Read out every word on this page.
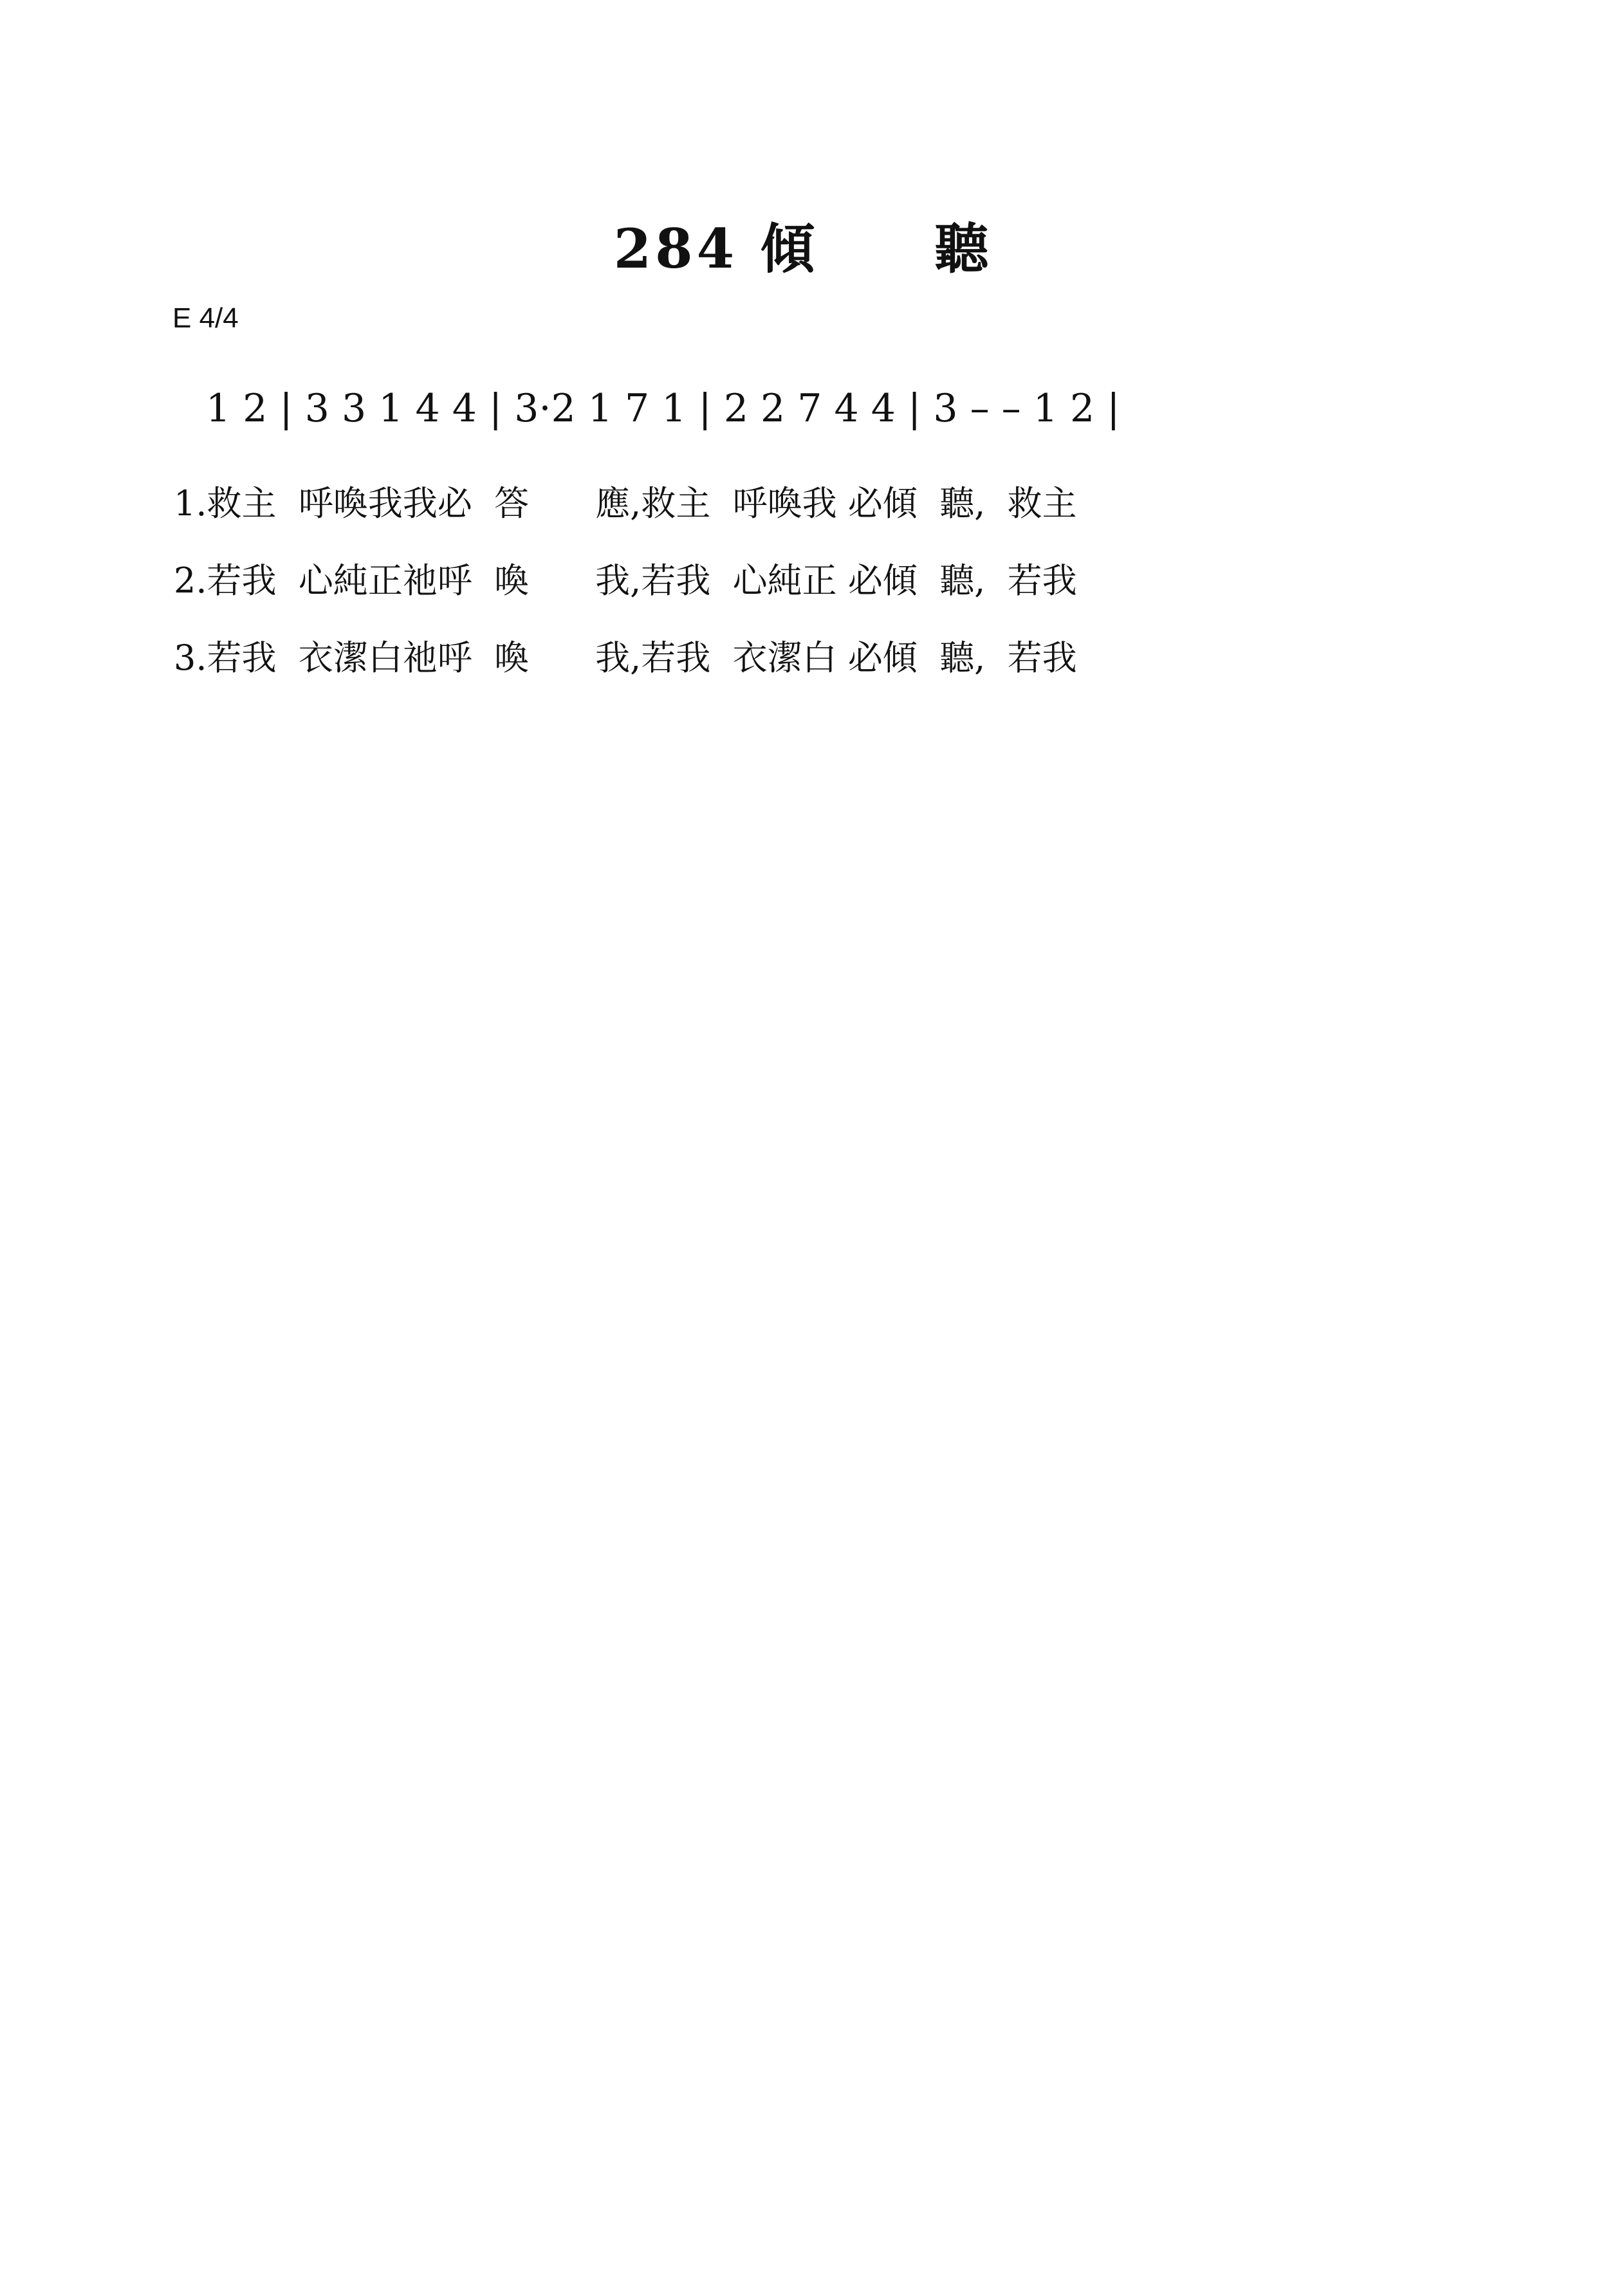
284 傾　　聽
E 4/4
1 2 | 3 3 1 4 4 | 3·2 1 7 1 | 2 2 7 4 4 | 3 – – 1 2 |
1.救主  呼喚我我必  答      應,救主  呼喚我 必傾  聽,  救主
2.若我  心純正祂呼  喚      我,若我  心純正 必傾  聽,  若我
3.若我  衣潔白祂呼  喚      我,若我  衣潔白 必傾  聽,  若我
